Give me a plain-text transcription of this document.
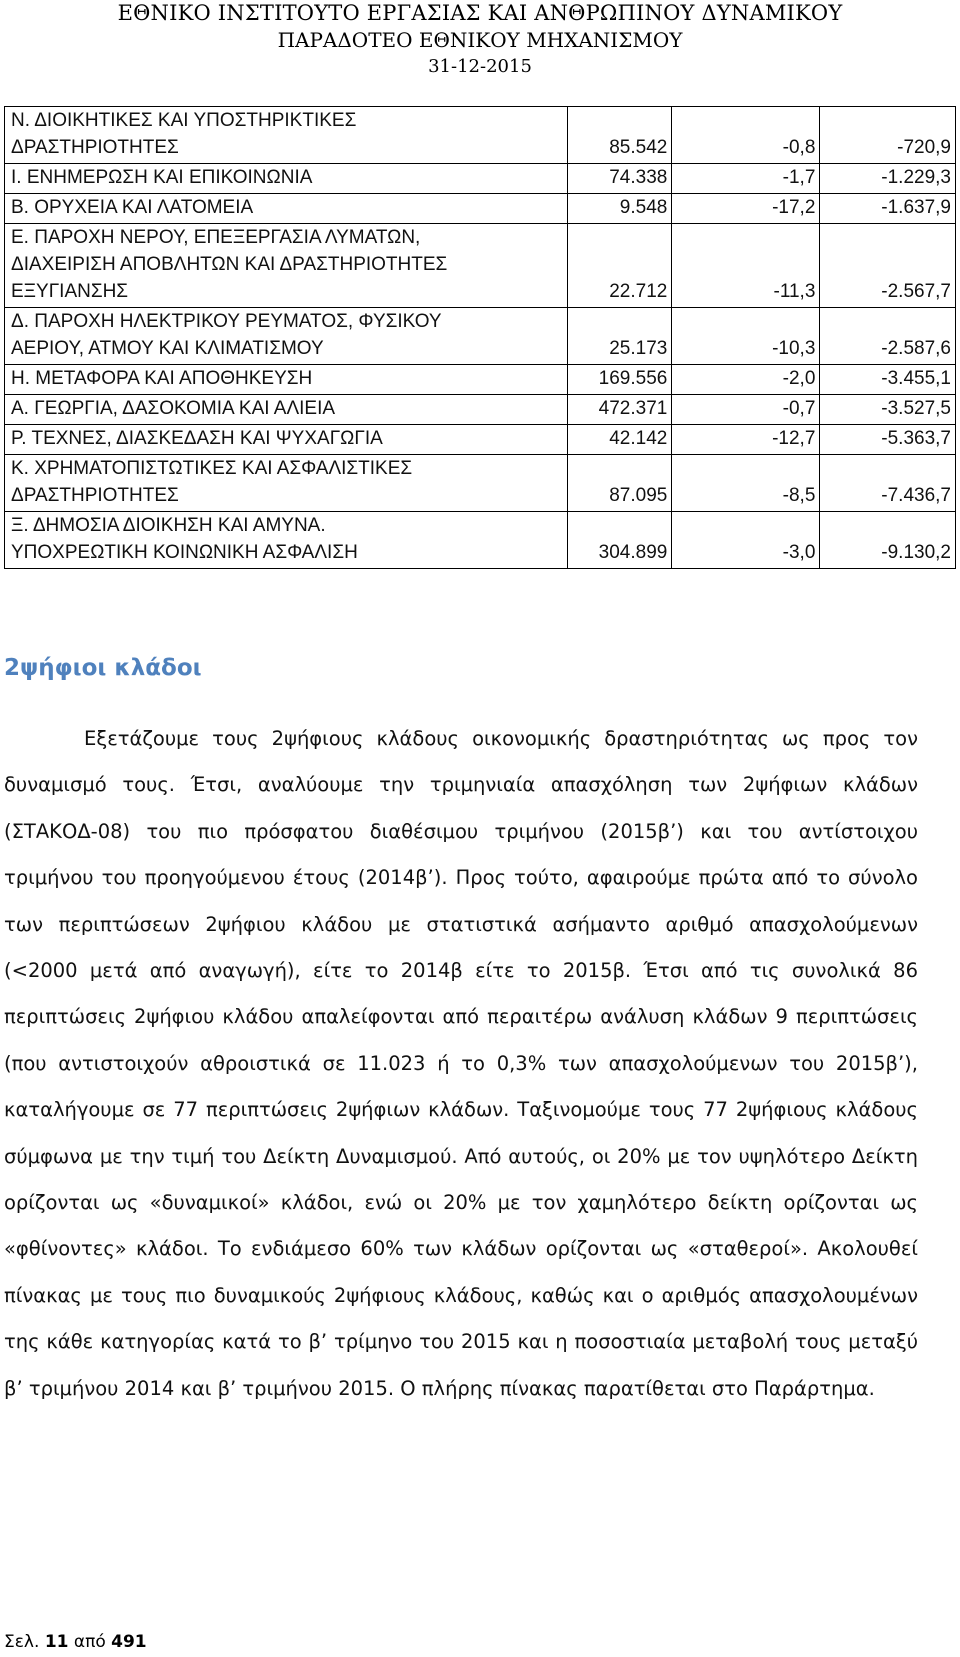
ΕΘΝΙΚΟ ΙΝΣΤΙΤΟΥΤΟ ΕΡΓΑΣΙΑΣ ΚΑΙ ΑΝΘΡΩΠΙΝΟΥ ΔΥΝΑΜΙΚΟΥ
ΠΑΡΑΔΟΤΕΟ ΕΘΝΙΚΟΥ ΜΗΧΑΝΙΣΜΟΥ
31-12-2015
Ν. ΔΙΟΙΚΗΤΙΚΕΣ ΚΑΙ ΥΠΟΣΤΗΡΙΚΤΙΚΕΣ
ΔΡΑΣΤΗΡΙΟΤΗΤΕΣ	85.542	-0,8	-720,9

Ι. ΕΝΗΜΕΡΩΣΗ ΚΑΙ ΕΠΙΚΟΙΝΩΝΙΑ	74.338	-1,7	-1.229,3

Β. ΟΡΥΧΕΙΑ ΚΑΙ ΛΑΤΟΜΕΙΑ	9.548	-17,2	-1.637,9

Ε. ΠΑΡΟΧΗ ΝΕΡΟΥ, ΕΠΕΞΕΡΓΑΣΙΑ ΛΥΜΑΤΩΝ,
ΔΙΑΧΕΙΡΙΣΗ ΑΠΟΒΛΗΤΩΝ ΚΑΙ ΔΡΑΣΤΗΡΙΟΤΗΤΕΣ
ΕΞΥΓΙΑΝΣΗΣ	22.712	-11,3	-2.567,7

Δ. ΠΑΡΟΧΗ ΗΛΕΚΤΡΙΚΟΥ ΡΕΥΜΑΤΟΣ, ΦΥΣΙΚΟΥ
ΑΕΡΙΟΥ, ΑΤΜΟΥ ΚΑΙ ΚΛΙΜΑΤΙΣΜΟΥ	25.173	-10,3	-2.587,6

Η. ΜΕΤΑΦΟΡΑ ΚΑΙ ΑΠΟΘΗΚΕΥΣΗ	169.556	-2,0	-3.455,1

Α. ΓΕΩΡΓΙΑ, ΔΑΣΟΚΟΜΙΑ ΚΑΙ ΑΛΙΕΙΑ	472.371	-0,7	-3.527,5

Ρ. ΤΕΧΝΕΣ, ΔΙΑΣΚΕΔΑΣΗ ΚΑΙ ΨΥΧΑΓΩΓΙΑ	42.142	-12,7	-5.363,7

Κ. ΧΡΗΜΑΤΟΠΙΣΤΩΤΙΚΕΣ ΚΑΙ ΑΣΦΑΛΙΣΤΙΚΕΣ
ΔΡΑΣΤΗΡΙΟΤΗΤΕΣ	87.095	-8,5	-7.436,7

Ξ. ΔΗΜΟΣΙΑ ΔΙΟΙΚΗΣΗ ΚΑΙ ΑΜΥΝΑ.
ΥΠΟΧΡΕΩΤΙΚΗ ΚΟΙΝΩΝΙΚΗ ΑΣΦΑΛΙΣΗ	304.899	-3,0	-9.130,2
2ψήφιοι κλάδοι
Εξετάζουμε τους 2ψήφιους κλάδους οικονομικής δραστηριότητας ως προς τον δυναμισμό τους. Έτσι, αναλύουμε την τριμηνιαία απασχόληση των 2ψήφιων κλάδων (ΣΤΑΚΟΔ-08) του πιο πρόσφατου διαθέσιμου τριμήνου (2015β’) και του αντίστοιχου τριμήνου του προηγούμενου έτους (2014β’). Προς τούτο, αφαιρούμε πρώτα από το σύνολο των περιπτώσεων 2ψήφιου κλάδου με στατιστικά ασήμαντο αριθμό απασχολούμενων (<2000 μετά από αναγωγή), είτε το 2014β είτε το 2015β. Έτσι από τις συνολικά 86 περιπτώσεις 2ψήφιου κλάδου απαλείφονται από περαιτέρω ανάλυση κλάδων 9 περιπτώσεις (που αντιστοιχούν αθροιστικά σε 11.023 ή το 0,3% των απασχολούμενων του 2015β’), καταλήγουμε σε 77 περιπτώσεις 2ψήφιων κλάδων. Ταξινομούμε τους 77 2ψήφιους κλάδους σύμφωνα με την τιμή του Δείκτη Δυναμισμού. Από αυτούς, οι 20% με τον υψηλότερο Δείκτη ορίζονται ως «δυναμικοί» κλάδοι, ενώ οι 20% με τον χαμηλότερο δείκτη ορίζονται ως «φθίνοντες» κλάδοι. Το ενδιάμεσο 60% των κλάδων ορίζονται ως «σταθεροί». Ακολουθεί πίνακας με τους πιο δυναμικούς 2ψήφιους κλάδους, καθώς και ο αριθμός απασχολουμένων της κάθε κατηγορίας κατά το β’ τρίμηνο του 2015 και η ποσοστιαία μεταβολή τους μεταξύ β’ τριμήνου 2014 και β’ τριμήνου 2015. Ο πλήρης πίνακας παρατίθεται στο Παράρτημα.
Σελ. 11 από 491
